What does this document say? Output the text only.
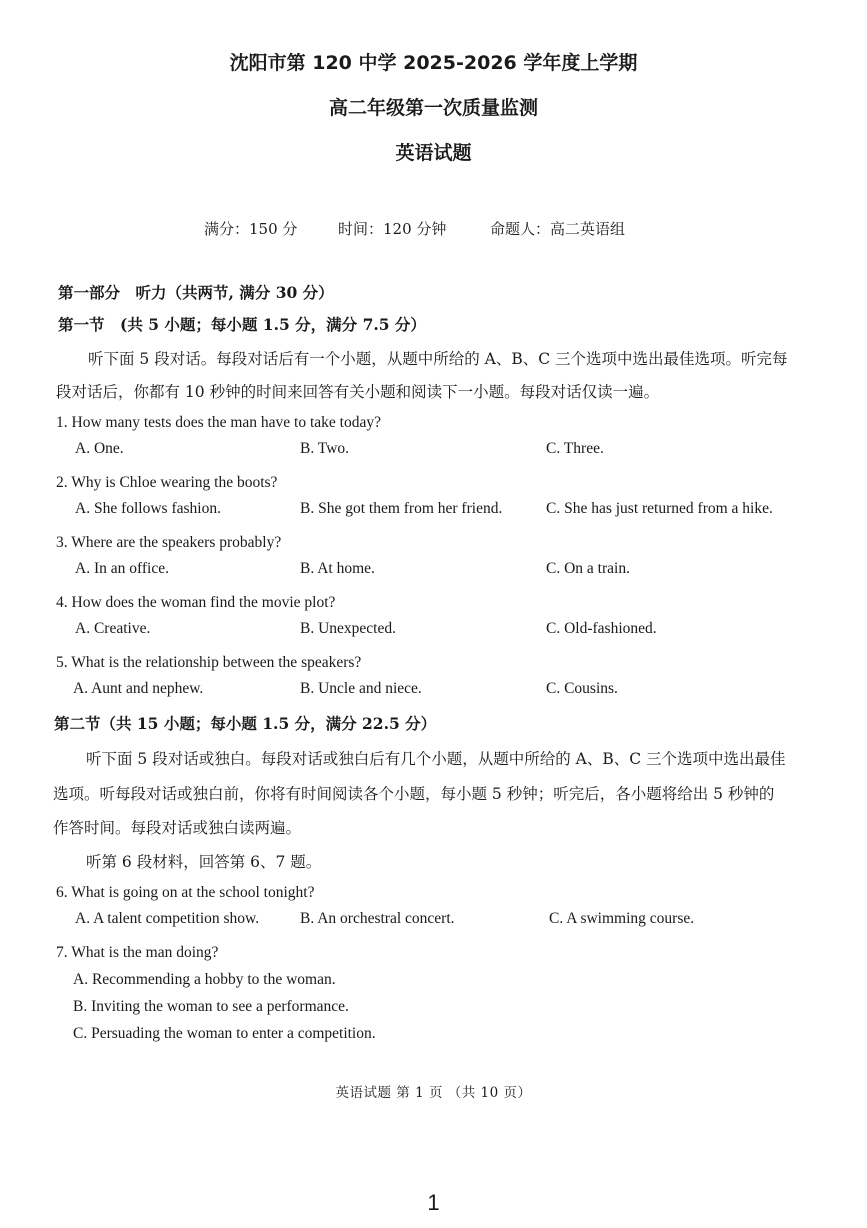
沈阳市第 120 中学 2025-2026 学年度上学期
高二年级第一次质量监测
英语试题
满分：150 分	时间：120 分钟	命题人：高二英语组
第一部分　听力（共两节, 满分 30 分）
第一节　(共 5 小题；每小题 1.5 分，满分 7.5 分）
听下面 5 段对话。每段对话后有一个小题，从题中所给的 A、B、C 三个选项中选出最佳选项。听完每
段对话后，你都有 10 秒钟的时间来回答有关小题和阅读下一小题。每段对话仅读一遍。
1. How many tests does the man have to take today?
A. One.	B. Two.	C. Three.
2. Why is Chloe wearing the boots?
A. She follows fashion.	B. She got them from her friend.	C. She has just returned from a hike.
3. Where are the speakers probably?
A. In an office.	B. At home.	C. On a train.
4. How does the woman find the movie plot?
A. Creative.	B. Unexpected.	C. Old-fashioned.
5. What is the relationship between the speakers?
A. Aunt and nephew.	B. Uncle and niece.	C. Cousins.
第二节（共 15 小题；每小题 1.5 分，满分 22.5 分）
听下面 5 段对话或独白。每段对话或独白后有几个小题，从题中所给的 A、B、C 三个选项中选出最佳
选项。听每段对话或独白前，你将有时间阅读各个小题，每小题 5 秒钟；听完后，各小题将给出 5 秒钟的
作答时间。每段对话或独白读两遍。
听第 6 段材料，回答第 6、7 题。
6. What is going on at the school tonight?
A. A talent competition show.	B. An orchestral concert.	C. A swimming course.
7. What is the man doing?
A. Recommending a hobby to the woman.
B. Inviting the woman to see a performance.
C. Persuading the woman to enter a competition.
英语试题 第 1 页 （共 10 页）
1
